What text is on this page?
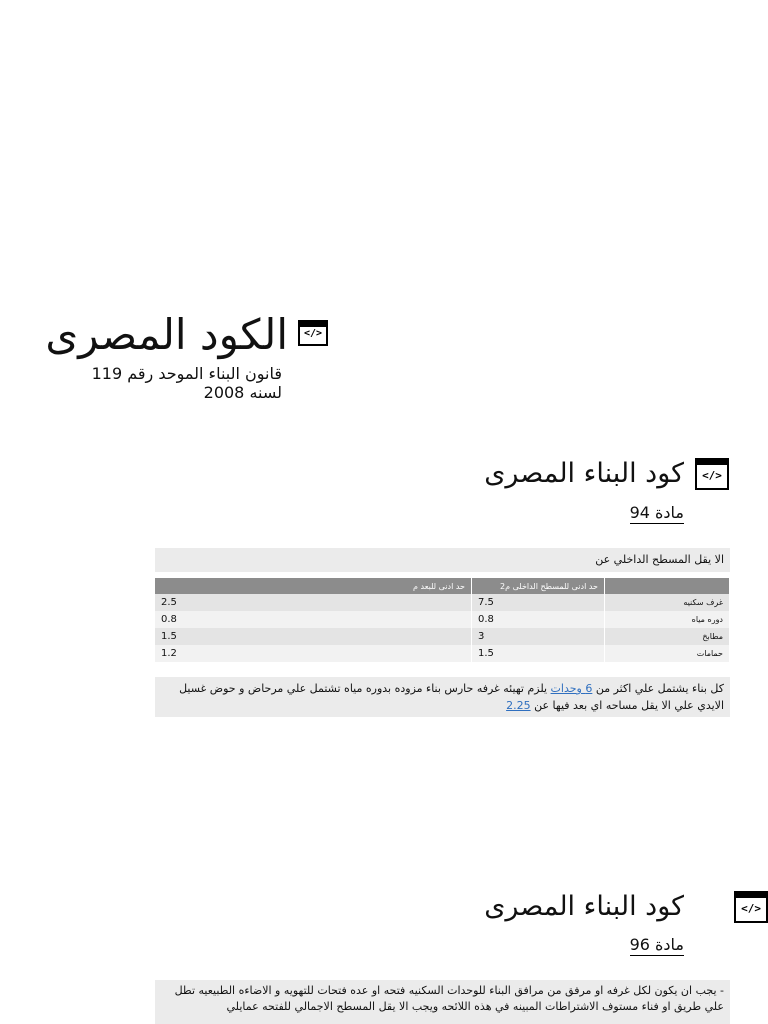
</>
الكود المصرى
قانون البناء الموحد رقم 119
لسنه 2008
</>

كود البناء المصرى
مادة 94
الا يقل المسطح الداخلي عن
	حد ادنى للمسطح الداخلى م2	حد ادنى للبعد م
غرف سكنيه	7.5	2.5
دوره مياه	0.8	0.8
مطابخ	3	1.5
حمامات	1.5	1.2
كل بناء يشتمل علي اكثر من 6 وحدات يلزم تهيئه غرفه حارس بناء مزوده بدوره مياه تشتمل علي مرحاض و حوض غسيل الايدي علي الا يقل مساحه اي بعد فيها عن 2.25
</>
كود البناء المصرى
مادة 96
- يجب ان يكون لكل غرفه او مرفق من مرافق البناء للوحدات السكنيه فتحه او عده فتحات للتهويه و الاضاءه الطبيعيه تطل
علي طريق او فناء مستوف الاشتراطات المبينه في هذه اللائحه ويجب الا يقل المسطح الاجمالي للفتحه عمايلي
